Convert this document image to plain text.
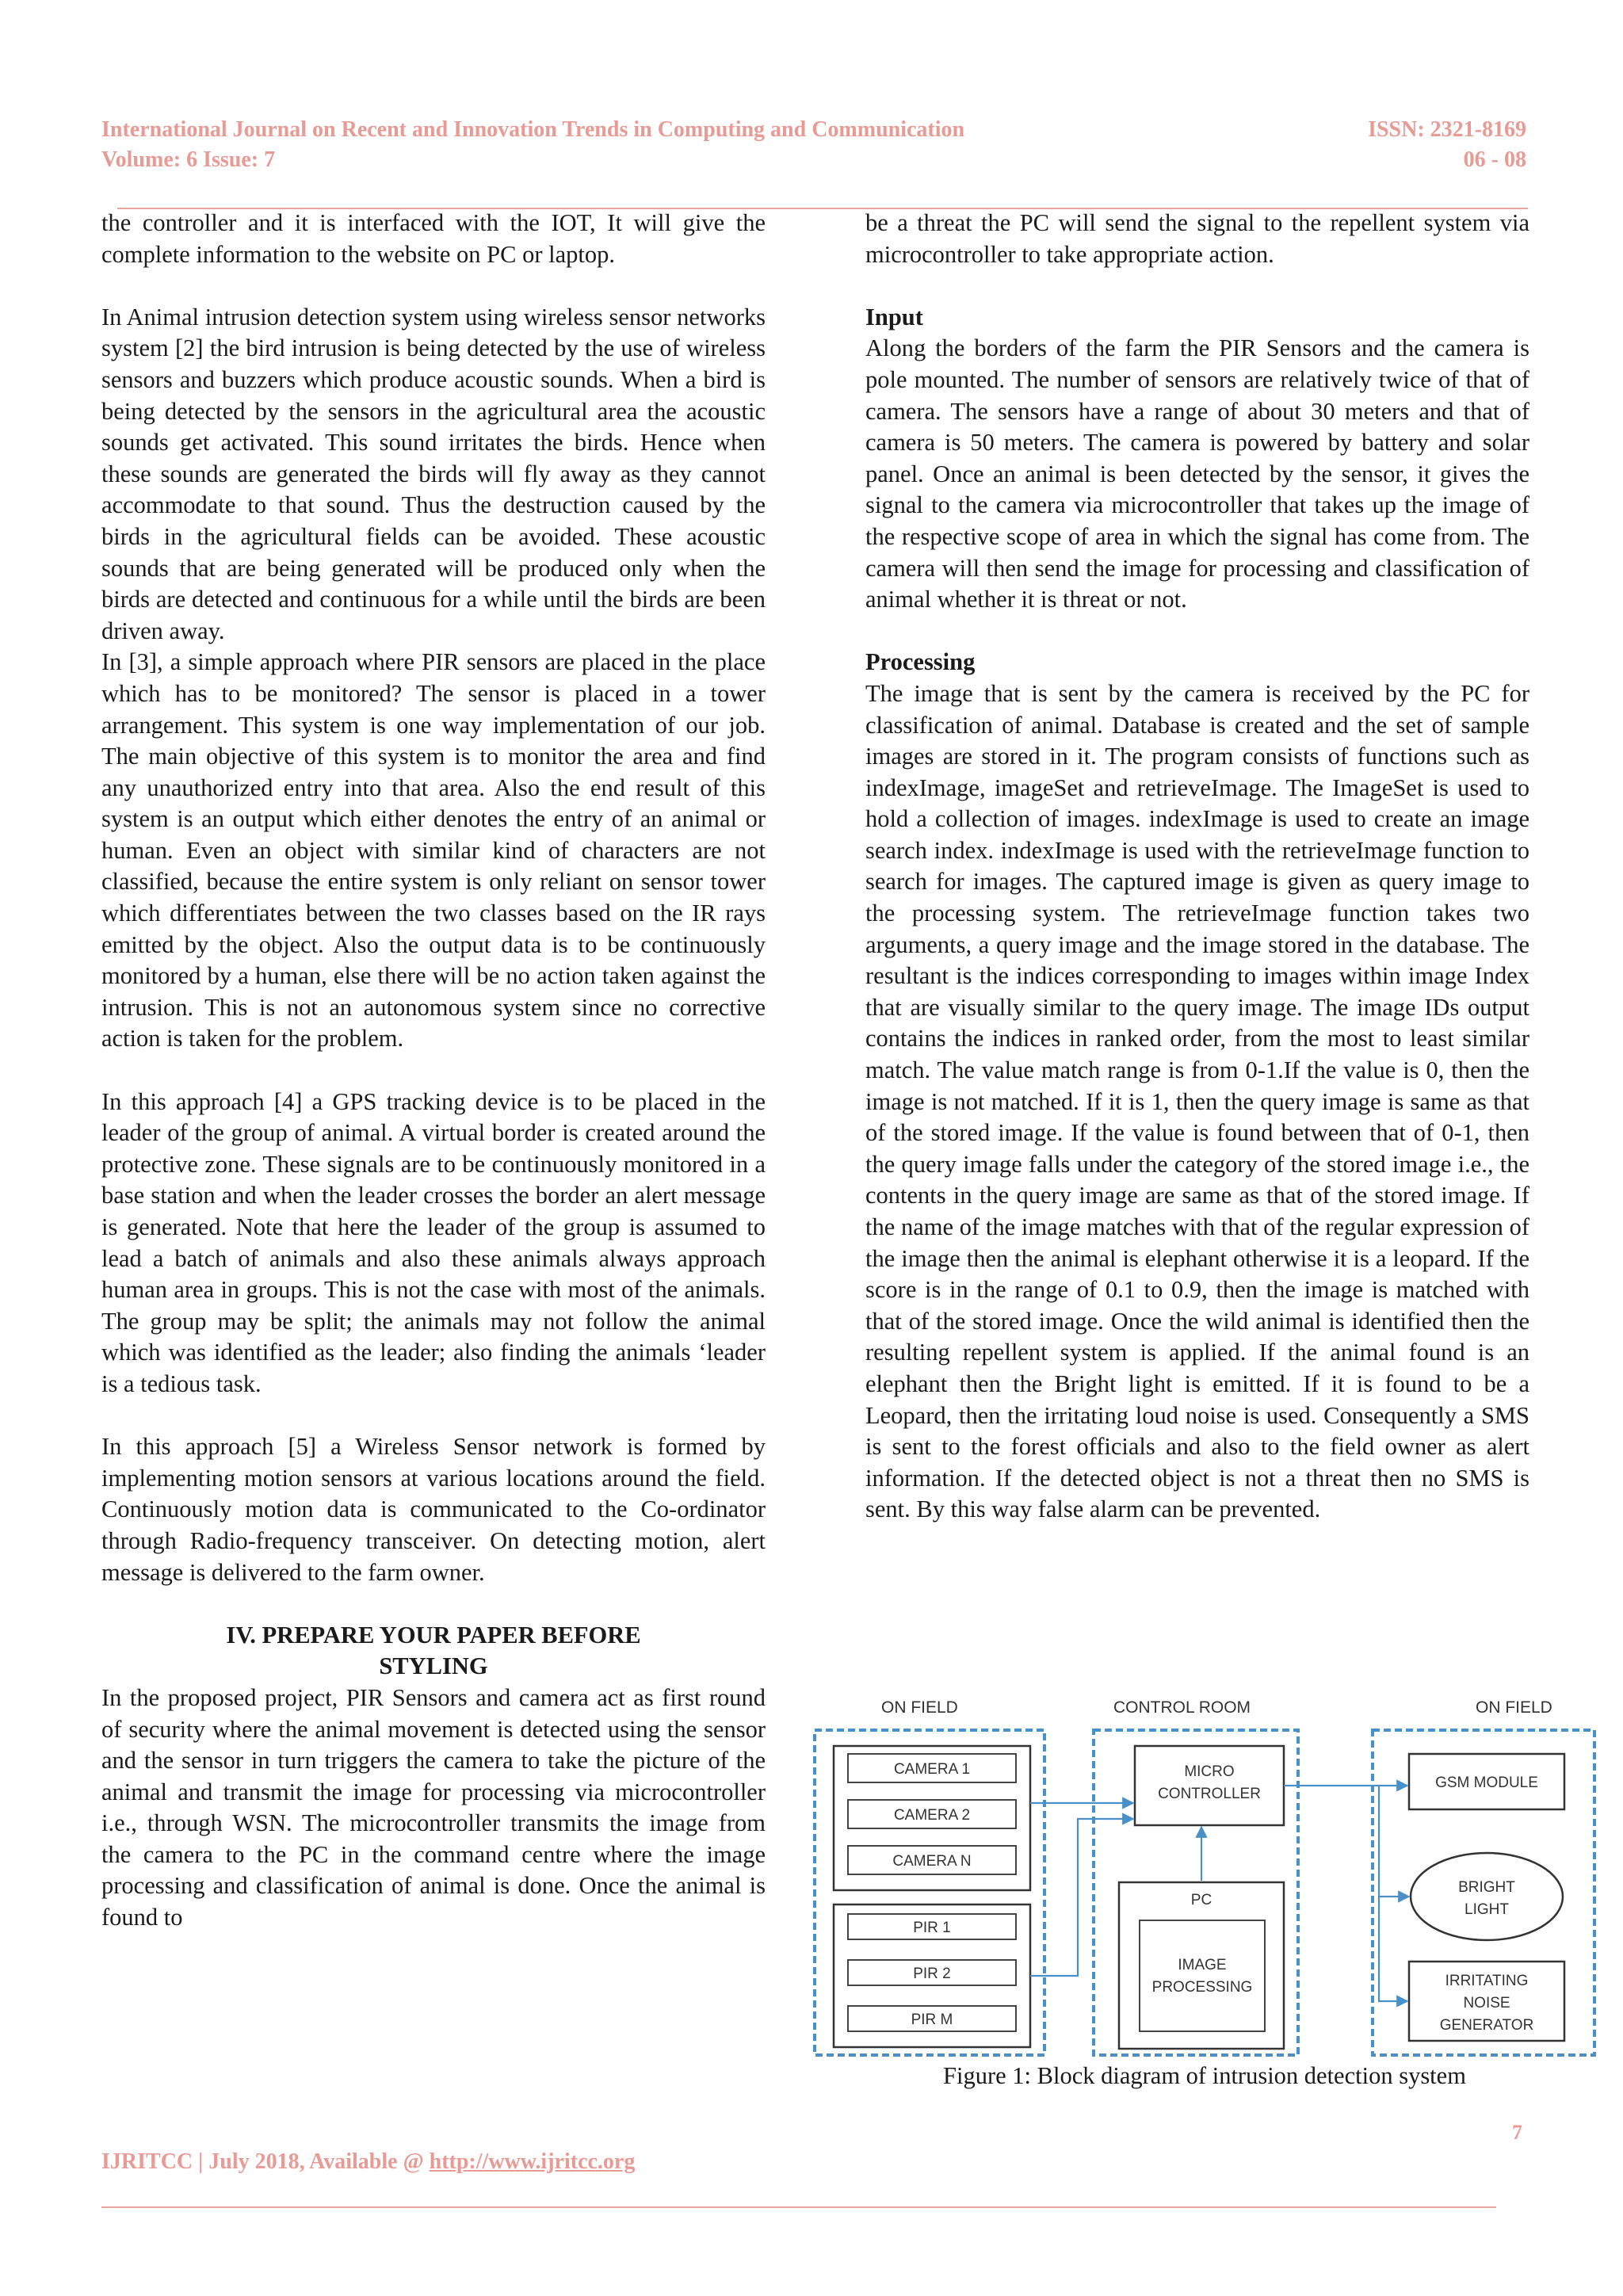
International Journal on Recent and Innovation Trends in Computing and Communication	ISSN: 2321-8169
Volume: 6 Issue: 7	06 - 08

the controller and it is interfaced with the IOT, It will give the complete information to the website on PC or laptop.

In Animal intrusion detection system using wireless sensor networks system [2] the bird intrusion is being detected by the use of wireless sensors and buzzers which produce acoustic sounds. When a bird is being detected by the sensors in the agricultural area the acoustic sounds get activated. This sound irritates the birds. Hence when these sounds are generated the birds will fly away as they cannot accommodate to that sound. Thus the destruction caused by the birds in the agricultural fields can be avoided. These acoustic sounds that are being generated will be produced only when the birds are detected and continuous for a while until the birds are been driven away.

In [3], a simple approach where PIR sensors are placed in the place which has to be monitored? The sensor is placed in a tower arrangement. This system is one way implementation of our job. The main objective of this system is to monitor the area and find any unauthorized entry into that area. Also the end result of this system is an output which either denotes the entry of an animal or human. Even an object with similar kind of characters are not classified, because the entire system is only reliant on sensor tower which differentiates between the two classes based on the IR rays emitted by the object. Also the output data is to be continuously monitored by a human, else there will be no action taken against the intrusion. This is not an autonomous system since no corrective action is taken for the problem.

In this approach [4] a GPS tracking device is to be placed in the leader of the group of animal. A virtual border is created around the protective zone. These signals are to be continuously monitored in a base station and when the leader crosses the border an alert message is generated. Note that here the leader of the group is assumed to lead a batch of animals and also these animals always approach human area in groups. This is not the case with most of the animals. The group may be split; the animals may not follow the animal which was identified as the leader; also finding the animals ‘leader is a tedious task.

In this approach [5] a Wireless Sensor network is formed by implementing motion sensors at various locations around the field. Continuously motion data is communicated to the Co-ordinator through Radio-frequency transceiver. On detecting motion, alert message is delivered to the farm owner.

IV. PREPARE YOUR PAPER BEFORE

STYLING

In the proposed project, PIR Sensors and camera act as first round of security where the animal movement is detected using the sensor and the sensor in turn triggers the camera to take the picture of the animal and transmit the image for processing via microcontroller i.e., through WSN. The microcontroller transmits the image from the camera to the PC in the command centre where the image processing and classification of animal is done. Once the animal is found to

be a threat the PC will send the signal to the repellent system via microcontroller to take appropriate action.

Input

Along the borders of the farm the PIR Sensors and the camera is pole mounted. The number of sensors are relatively twice of that of camera. The sensors have a range of about 30 meters and that of camera is 50 meters. The camera is powered by battery and solar panel. Once an animal is been detected by the sensor, it gives the signal to the camera via microcontroller that takes up the image of the respective scope of area in which the signal has come from. The camera will then send the image for processing and classification of animal whether it is threat or not.

Processing

The image that is sent by the camera is received by the PC for classification of animal. Database is created and the set of sample images are stored in it. The program consists of functions such as indexImage, imageSet and retrieveImage. The ImageSet is used to hold a collection of images. indexImage is used to create an image search index. indexImage is used with the retrieveImage function to search for images. The captured image is given as query image to the processing system. The retrieveImage function takes two arguments, a query image and the image stored in the database. The resultant is the indices corresponding to images within image Index that are visually similar to the query image. The image IDs output contains the indices in ranked order, from the most to least similar match. The value match range is from 0-1.If the value is 0, then the image is not matched. If it is 1, then the query image is same as that of the stored image. If the value is found between that of 0-1, then the query image falls under the category of the stored image i.e., the contents in the query image are same as that of the stored image. If the name of the image matches with that of the regular expression of the image then the animal is elephant otherwise it is a leopard. If the score is in the range of 0.1 to 0.9, then the image is matched with that of the stored image. Once the wild animal is identified then the resulting repellent system is applied. If the animal found is an elephant then the Bright light is emitted. If it is found to be a Leopard, then the irritating loud noise is used. Consequently a SMS is sent to the forest officials and also to the field owner as alert information. If the detected object is not a threat then no SMS is sent. By this way false alarm can be prevented.

ON FIELD	CONTROL ROOM	ON FIELD
CAMERA 1
CAMERA 2
CAMERA N
PIR 1
PIR 2
PIR M
MICRO
CONTROLLER
PC
IMAGE
PROCESSING
GSM MODULE
BRIGHT
LIGHT
IRRITATING
NOISE
GENERATOR
Figure 1: Block diagram of intrusion detection system
7
IJRITCC | July 2018, Available @ http://www.ijritcc.org
